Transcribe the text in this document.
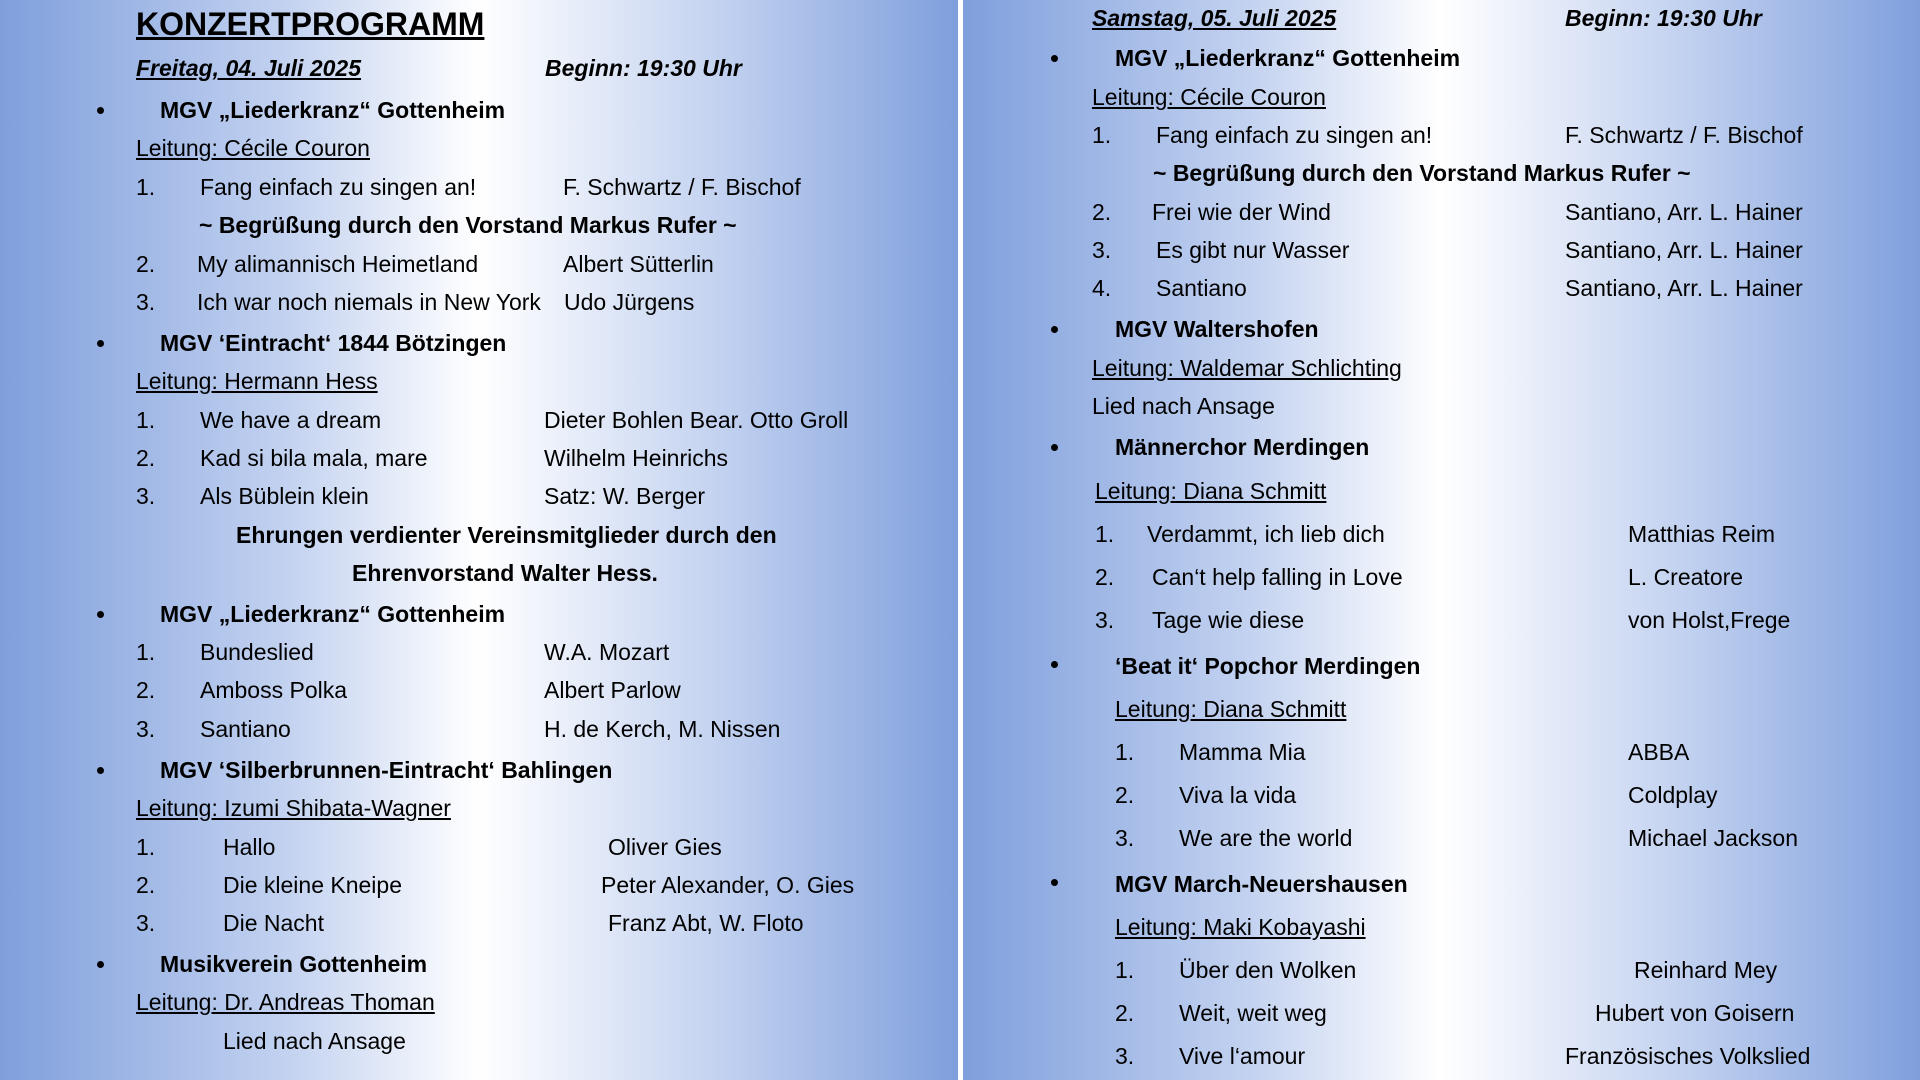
KONZERTPROGRAMM
Freitag, 04. Juli 2025	Beginn: 19:30 Uhr
MGV „Liederkranz“ Gottenheim
Leitung: Cécile Couron
1. Fang einfach zu singen an!	F. Schwartz / F. Bischof
~ Begrüßung durch den Vorstand Markus Rufer ~
2. My alimannisch Heimetland	Albert Sütterlin
3. Ich war noch niemals in New York Udo Jürgens
MGV ‘Eintracht‘ 1844 Bötzingen
Leitung: Hermann Hess
1. We have a dream	Dieter Bohlen Bear. Otto Groll
2. Kad si bila mala, mare	Wilhelm Heinrichs
3. Als Büblein klein	Satz: W. Berger
Ehrungen verdienter Vereinsmitglieder durch den
Ehrenvorstand Walter Hess.
MGV „Liederkranz“ Gottenheim
1. Bundeslied	W.A. Mozart
2. Amboss Polka	Albert Parlow
3. Santiano	H. de Kerch, M. Nissen
MGV ‘Silberbrunnen-Eintracht‘ Bahlingen
Leitung: Izumi Shibata-Wagner
1.	Hallo	Oliver Gies
2.	Die kleine Kneipe	Peter Alexander, O. Gies
3.	Die Nacht	Franz Abt, W. Floto
Musikverein Gottenheim
Leitung: Dr. Andreas Thoman
Lied nach Ansage
Samstag, 05. Juli 2025	Beginn: 19:30 Uhr
MGV „Liederkranz“ Gottenheim
Leitung: Cécile Couron
1. Fang einfach zu singen an!	F. Schwartz / F. Bischof
~ Begrüßung durch den Vorstand Markus Rufer ~
2. Frei wie der Wind	Santiano, Arr. L. Hainer
3. Es gibt nur Wasser	Santiano, Arr. L. Hainer
4. Santiano	Santiano, Arr. L. Hainer
MGV Waltershofen
Leitung: Waldemar Schlichting
Lied nach Ansage
Männerchor Merdingen
Leitung: Diana Schmitt
1. Verdammt, ich lieb dich	Matthias Reim
2. Can‘t help falling in Love	L. Creatore
3. Tage wie diese	von Holst,Frege
‘Beat it‘ Popchor Merdingen
Leitung: Diana Schmitt
1. Mamma Mia	ABBA
2. Viva la vida	Coldplay
3. We are the world	Michael Jackson
MGV March-Neuershausen
Leitung: Maki Kobayashi
1. Über den Wolken	Reinhard Mey
2. Weit, weit weg	Hubert von Goisern
3. Vive l‘amour	Französisches Volkslied
